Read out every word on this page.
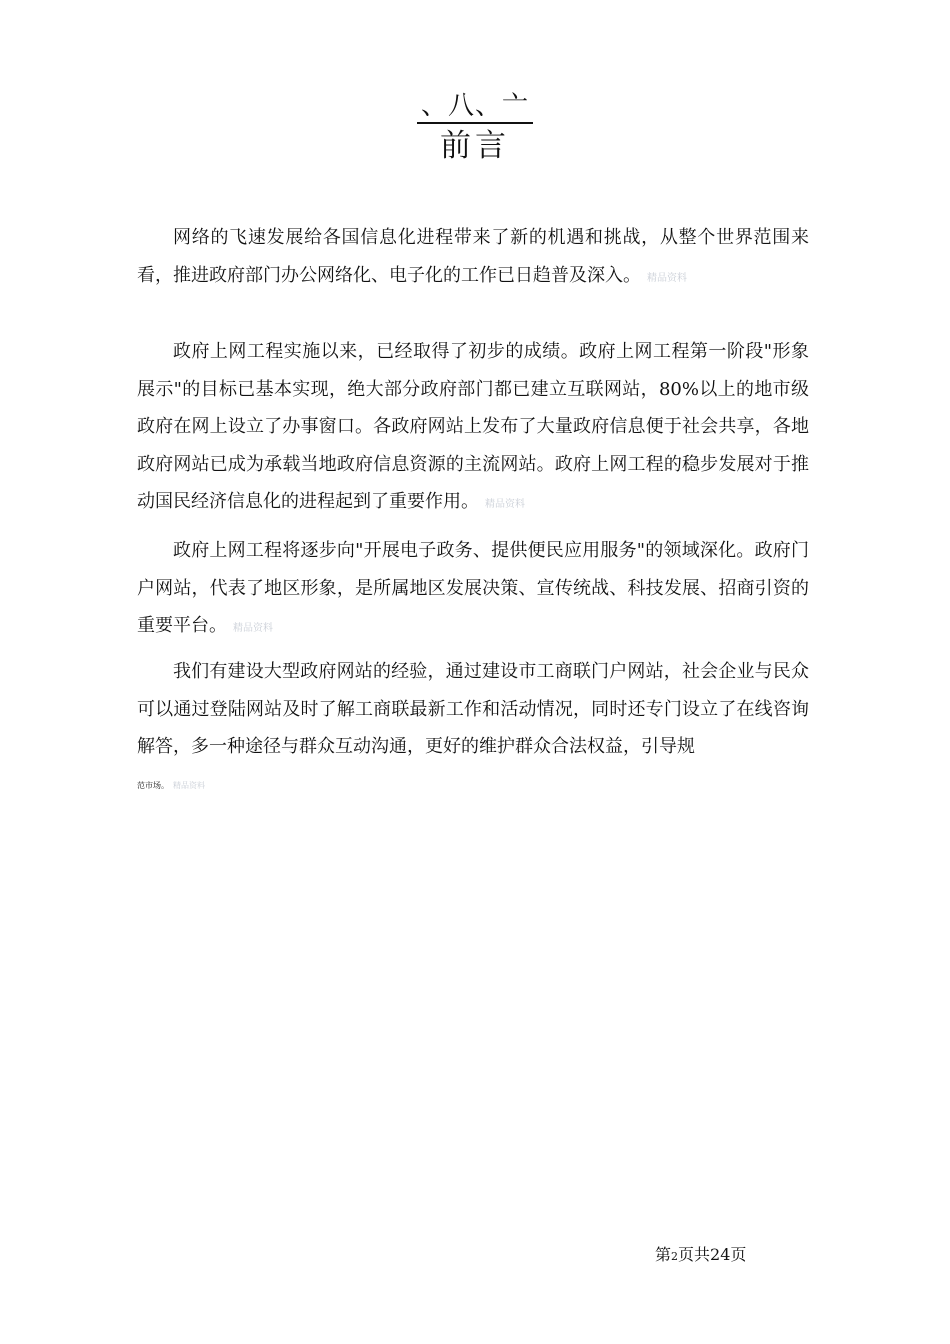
、八、亠
前言

网络的飞速发展给各国信息化进程带来了新的机遇和挑战，从整个世界范围来看，推进政府部门办公网络化、电子化的工作已日趋普及深入。 精品资料

政府上网工程实施以来，已经取得了初步的成绩。政府上网工程第一阶段"形象展示"的目标已基本实现，绝大部分政府部门都已建立互联网站，80%以上的地市级政府在网上设立了办事窗口。各政府网站上发布了大量政府信息便于社会共享，各地政府网站已成为承载当地政府信息资源的主流网站。政府上网工程的稳步发展对于推动国民经济信息化的进程起到了重要作用。 精品资料

政府上网工程将逐步向"开展电子政务、提供便民应用服务"的领域深化。政府门户网站，代表了地区形象，是所属地区发展决策、宣传统战、科技发展、招商引资的重要平台。 精品资料

我们有建设大型政府网站的经验，通过建设市工商联门户网站，社会企业与民众可以通过登陆网站及时了解工商联最新工作和活动情况，同时还专门设立了在线咨询解答，多一种途径与群众互动沟通，更好的维护群众合法权益，引导规

范市场。 精品资料
第2页共24页
